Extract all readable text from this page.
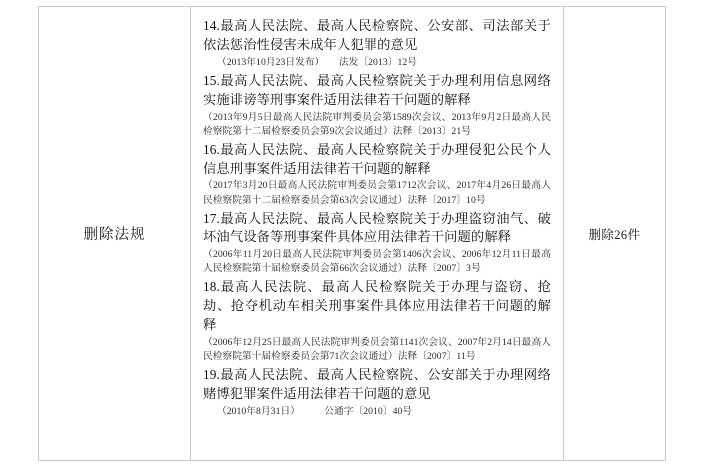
删除法规
14.最高人民法院、最高人民检察院、公安部、司法部关于依法惩治性侵害未成年人犯罪的意见
（2013年10月23日发布）　　法发〔2013〕12号
15.最高人民法院、最高人民检察院关于办理利用信息网络实施诽谤等刑事案件适用法律若干问题的解释
（2013年9月5日最高人民法院审判委员会第1589次会议、2013年9月2日最高人民检察院第十二届检察委员会第9次会议通过）法释〔2013〕21号
16.最高人民法院、最高人民检察院关于办理侵犯公民个人信息刑事案件适用法律若干问题的解释
（2017年3月20日最高人民法院审判委员会第1712次会议、2017年4月26日最高人民检察院第十二届检察委员会第63次会议通过）法释〔2017〕10号
17.最高人民法院、最高人民检察院关于办理盗窃油气、破坏油气设备等刑事案件具体应用法律若干问题的解释
（2006年11月20日最高人民法院审判委员会第1406次会议、2006年12月11日最高人民检察院第十届检察委员会第66次会议通过）法释〔2007〕3号
18.最高人民法院、最高人民检察院关于办理与盗窃、抢劫、抢夺机动车相关刑事案件具体应用法律若干问题的解释
（2006年12月25日最高人民法院审判委员会第1141次会议、2007年2月14日最高人民检察院第十届检察委员会第71次会议通过）法释〔2007〕11号
19.最高人民法院、最高人民检察院、公安部关于办理网络赌博犯罪案件适用法律若干问题的意见
（2010年8月31日）　　　公通字〔2010〕40号
删除26件
